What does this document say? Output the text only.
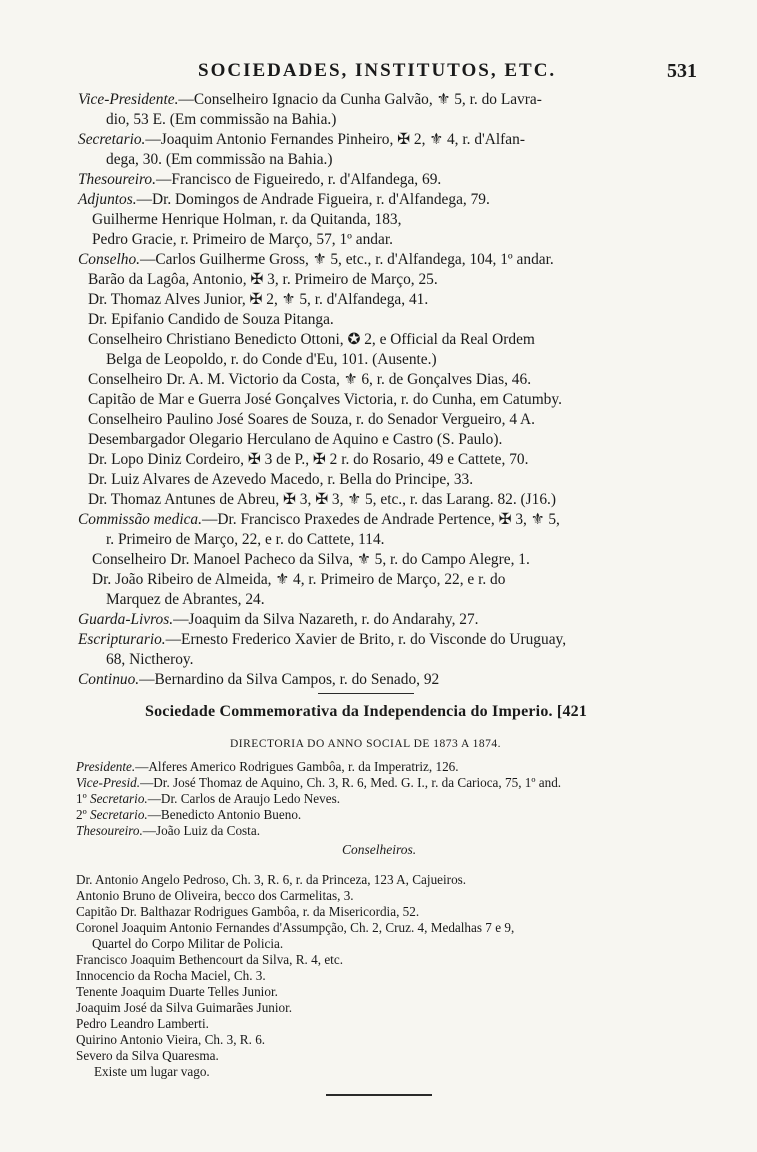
SOCIEDADES, INSTITUTOS, ETC.	531
Vice-Presidente.—Conselheiro Ignacio da Cunha Galvão, ⚜ 5, r. do Lavra-
dio, 53 E. (Em commissão na Bahia.)
Secretario.—Joaquim Antonio Fernandes Pinheiro, ✠ 2, ⚜ 4, r. d'Alfan-
dega, 30. (Em commissão na Bahia.)
Thesoureiro.—Francisco de Figueiredo, r. d'Alfandega, 69.
Adjuntos.—Dr. Domingos de Andrade Figueira, r. d'Alfandega, 79.
Guilherme Henrique Holman, r. da Quitanda, 183,
Pedro Gracie, r. Primeiro de Março, 57, 1º andar.
Conselho.—Carlos Guilherme Gross, ⚜ 5, etc., r. d'Alfandega, 104, 1º andar.
Barão da Lagôa, Antonio, ✠ 3, r. Primeiro de Março, 25.
Dr. Thomaz Alves Junior, ✠ 2, ⚜ 5, r. d'Alfandega, 41.
Dr. Epifanio Candido de Souza Pitanga.
Conselheiro Christiano Benedicto Ottoni, ✪ 2, e Official da Real Ordem
Belga de Leopoldo, r. do Conde d'Eu, 101. (Ausente.)
Conselheiro Dr. A. M. Victorio da Costa, ⚜ 6, r. de Gonçalves Dias, 46.
Capitão de Mar e Guerra José Gonçalves Victoria, r. do Cunha, em Catumby.
Conselheiro Paulino José Soares de Souza, r. do Senador Vergueiro, 4 A.
Desembargador Olegario Herculano de Aquino e Castro (S. Paulo).
Dr. Lopo Diniz Cordeiro, ✠ 3 de P., ✠ 2 r. do Rosario, 49 e Cattete, 70.
Dr. Luiz Alvares de Azevedo Macedo, r. Bella do Principe, 33.
Dr. Thomaz Antunes de Abreu, ✠ 3, ✠ 3, ⚜ 5, etc., r. das Larang. 82. (J16.)
Commissão medica.—Dr. Francisco Praxedes de Andrade Pertence, ✠ 3, ⚜ 5,
r. Primeiro de Março, 22, e r. do Cattete, 114.
Conselheiro Dr. Manoel Pacheco da Silva, ⚜ 5, r. do Campo Alegre, 1.
Dr. João Ribeiro de Almeida, ⚜ 4, r. Primeiro de Março, 22, e r. do
Marquez de Abrantes, 24.
Guarda-Livros.—Joaquim da Silva Nazareth, r. do Andarahy, 27.
Escripturario.—Ernesto Frederico Xavier de Brito, r. do Visconde do Uruguay,
68, Nictheroy.
Continuo.—Bernardino da Silva Campos, r. do Senado, 92
Sociedade Commemorativa da Independencia do Imperio. [421
DIRECTORIA DO ANNO SOCIAL DE 1873 A 1874.
Presidente.—Alferes Americo Rodrigues Gambôa, r. da Imperatriz, 126.
Vice-Presid.—Dr. José Thomaz de Aquino, Ch. 3, R. 6, Med. G. I., r. da Carioca, 75, 1º and.
1º Secretario.—Dr. Carlos de Araujo Ledo Neves.
2º Secretario.—Benedicto Antonio Bueno.
Thesoureiro.—João Luiz da Costa.
Conselheiros.
Dr. Antonio Angelo Pedroso, Ch. 3, R. 6, r. da Princeza, 123 A, Cajueiros.
Antonio Bruno de Oliveira, becco dos Carmelitas, 3.
Capitão Dr. Balthazar Rodrigues Gambôa, r. da Misericordia, 52.
Coronel Joaquim Antonio Fernandes d'Assumpção, Ch. 2, Cruz. 4, Medalhas 7 e 9,
Quartel do Corpo Militar de Policia.
Francisco Joaquim Bethencourt da Silva, R. 4, etc.
Innocencio da Rocha Maciel, Ch. 3.
Tenente Joaquim Duarte Telles Junior.
Joaquim José da Silva Guimarães Junior.
Pedro Leandro Lamberti.
Quirino Antonio Vieira, Ch. 3, R. 6.
Severo da Silva Quaresma.
Existe um lugar vago.
